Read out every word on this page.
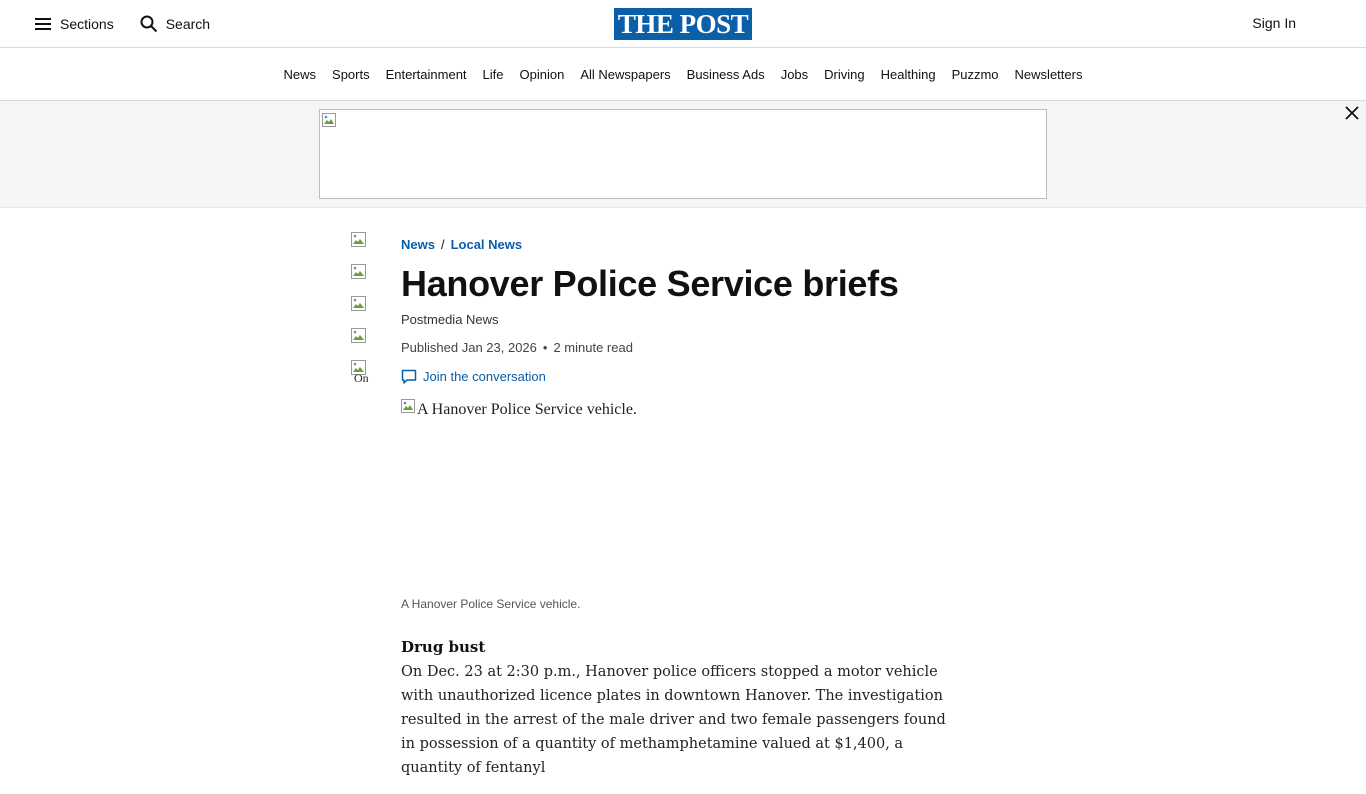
Sections	Search	THE POST	Sign In
News Sports Entertainment Life Opinion All Newspapers Business Ads Jobs Driving Healthing Puzzmo Newsletters
On
News / Local News
Hanover Police Service briefs
Postmedia News
Published Jan 23, 2026 • 2 minute read
Join the conversation
A Hanover Police Service vehicle.
A Hanover Police Service vehicle.
Drug bust

On Dec. 23 at 2:30 p.m., Hanover police officers stopped a motor vehicle with unauthorized licence plates in downtown Hanover. The investigation resulted in the arrest of the male driver and two female passengers found in possession of a quantity of methamphetamine valued at $1,400, a quantity of fentanyl
